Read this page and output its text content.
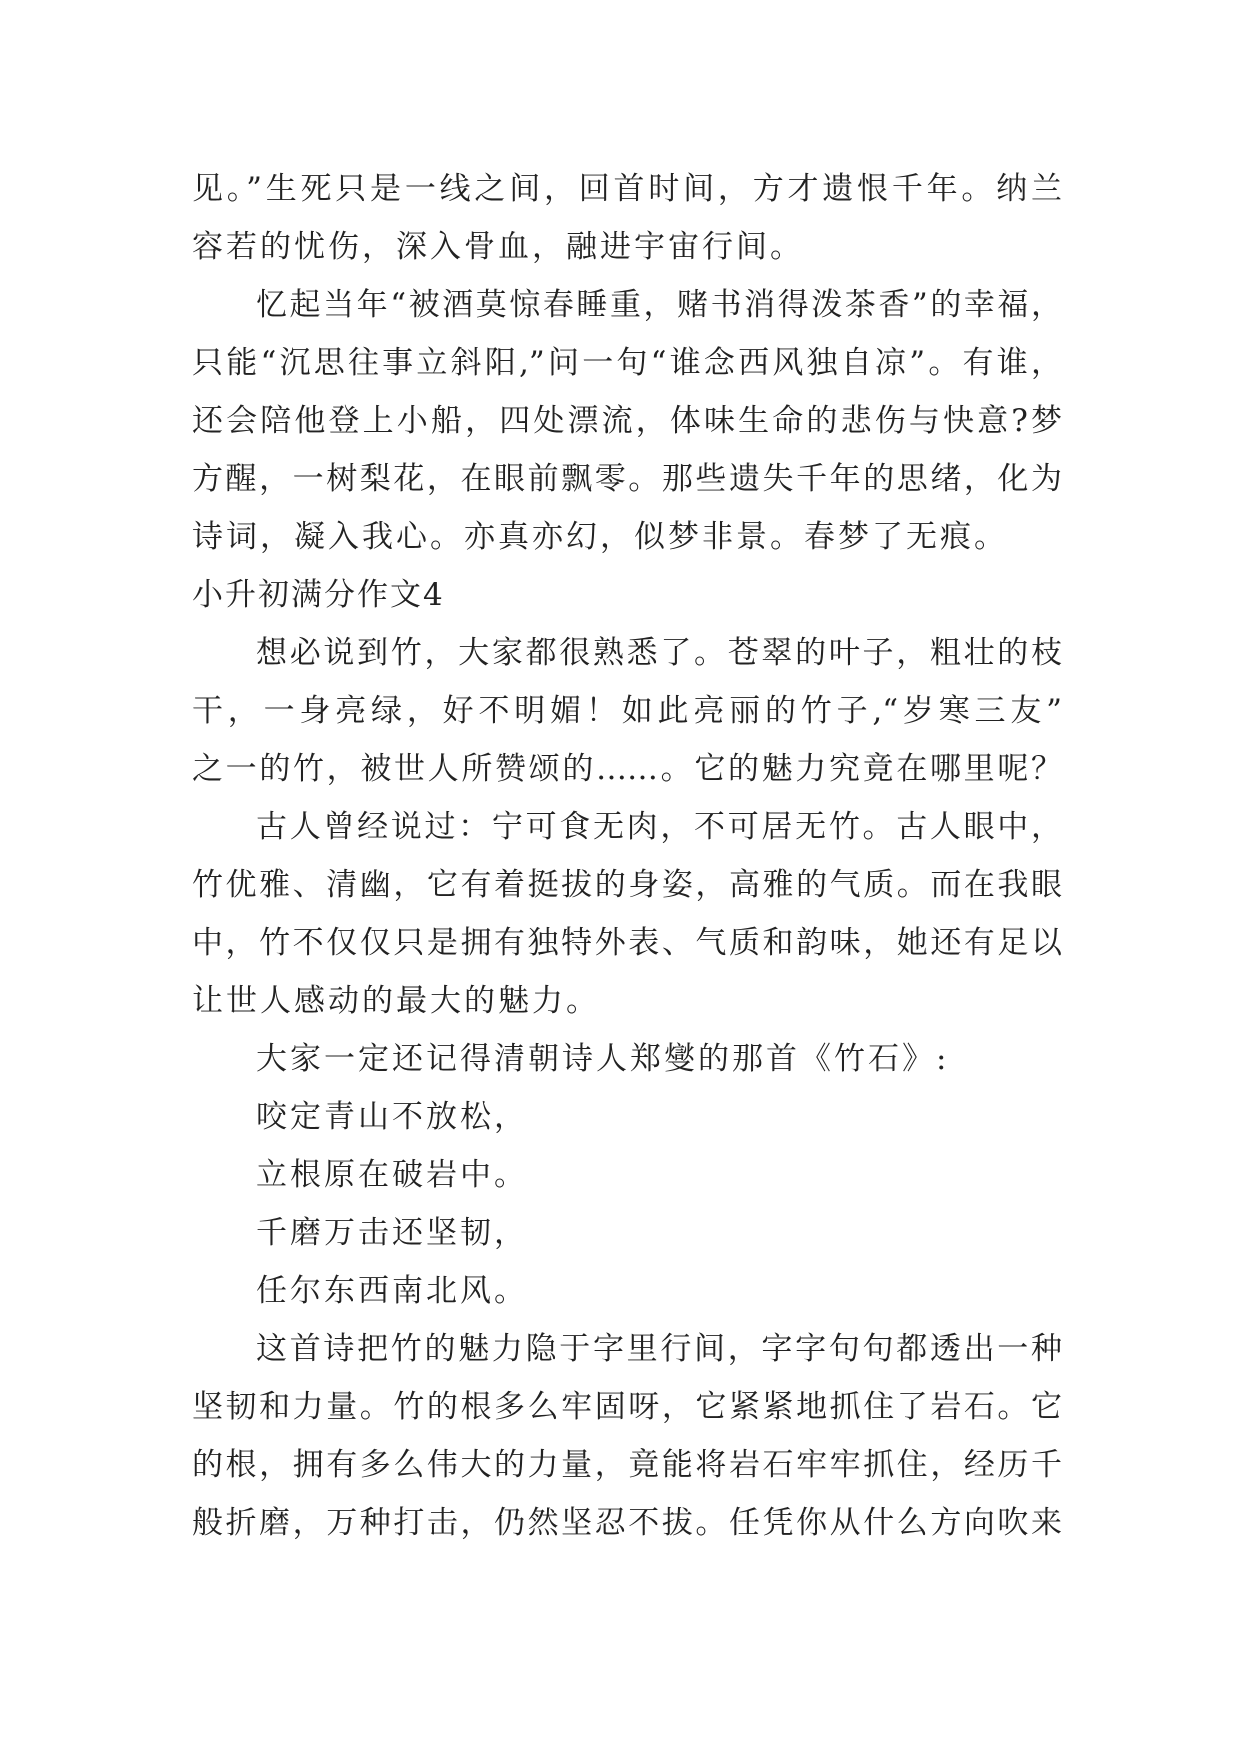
见。”生死只是一线之间，回首时间，方才遗恨千年。纳兰
容若的忧伤，深入骨血，融进宇宙行间。
忆起当年“被酒莫惊春睡重，赌书消得泼茶香”的幸福，
只能“沉思往事立斜阳,”问一句“谁念西风独自凉”。有谁，
还会陪他登上小船，四处漂流，体味生命的悲伤与快意?梦
方醒，一树梨花，在眼前飘零。那些遗失千年的思绪，化为
诗词，凝入我心。亦真亦幻，似梦非景。春梦了无痕。
小升初满分作文4
想必说到竹，大家都很熟悉了。苍翠的叶子，粗壮的枝
干，一身亮绿，好不明媚！如此亮丽的竹子,“岁寒三友”
之一的竹，被世人所赞颂的……。它的魅力究竟在哪里呢？
古人曾经说过：宁可食无肉，不可居无竹。古人眼中，
竹优雅、清幽，它有着挺拔的身姿，高雅的气质。而在我眼
中，竹不仅仅只是拥有独特外表、气质和韵味，她还有足以
让世人感动的最大的魅力。
大家一定还记得清朝诗人郑燮的那首《竹石》:
咬定青山不放松，
立根原在破岩中。
千磨万击还坚韧，
任尔东西南北风。
这首诗把竹的魅力隐于字里行间，字字句句都透出一种
坚韧和力量。竹的根多么牢固呀，它紧紧地抓住了岩石。它
的根，拥有多么伟大的力量，竟能将岩石牢牢抓住，经历千
般折磨，万种打击，仍然坚忍不拔。任凭你从什么方向吹来
